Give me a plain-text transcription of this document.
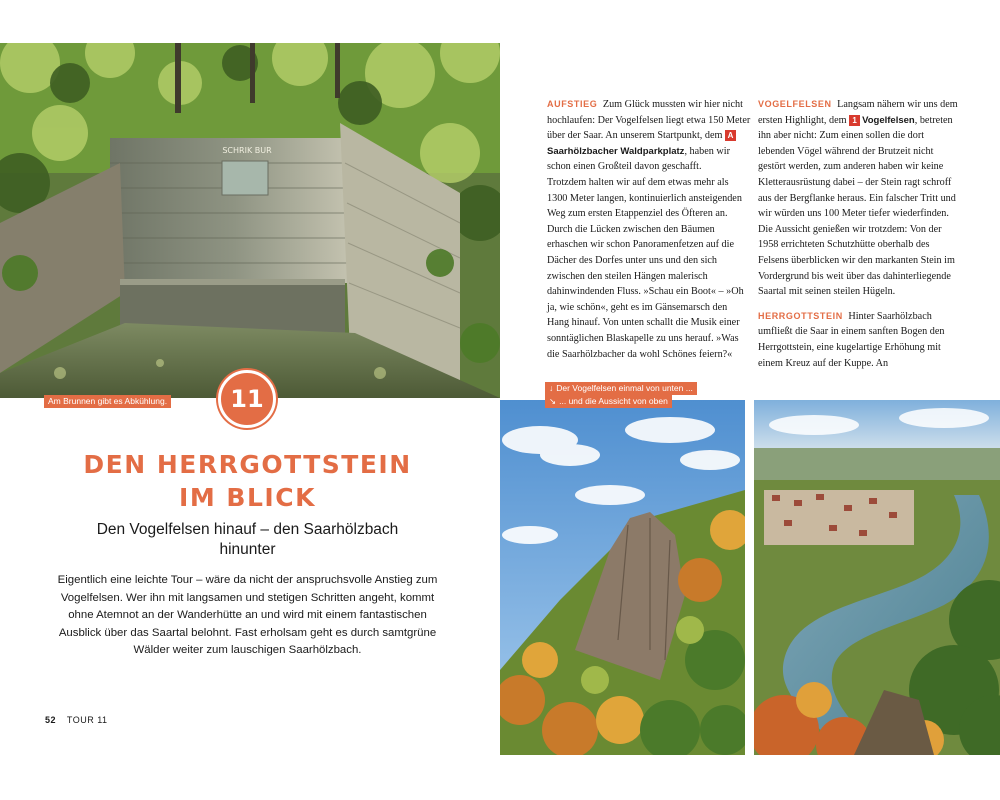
SCHRIK BUR
Am Brunnen gibt es Abkühlung.
↓ Der Vogelfelsen einmal von unten ...
↘ ... und die Aussicht von oben
11
DEN HERRGOTTSTEIN
IM BLICK
Den Vogelfelsen hinauf – den Saarhölzbach hinunter
Eigentlich eine leichte Tour – wäre da nicht der anspruchsvolle Anstieg zum Vogelfelsen. Wer ihn mit langsamen und stetigen Schritten angeht, kommt ohne Atemnot an der Wanderhütte an und wird mit einem fantastischen Ausblick über das Saartal belohnt. Fast erholsam geht es durch samtgrüne Wälder weiter zum lauschigen Saarhölzbach.
52 TOUR 11

AUFSTIEG Zum Glück mussten wir hier nicht hochlaufen: Der Vogelfelsen liegt etwa 150 Meter über der Saar. An unserem Startpunkt, dem ASaarhölzbacher Waldparkplatz, haben wir schon einen Großteil davon geschafft.

Trotzdem halten wir auf dem etwas mehr als 1300 Meter langen, kontinuierlich ansteigenden Weg zum ersten Etappenziel des Öfteren an. Durch die Lücken zwischen den Bäumen erhaschen wir schon Panoramenfetzen auf die Dächer des Dorfes unter uns und den sich zwischen den steilen Hängen malerisch dahinwindenden Fluss. »Schau ein Boot« – »Oh ja, wie schön«, geht es im Gänsemarsch den Hang hinauf. Von unten schallt die Musik einer sonntäglichen Blaskapelle zu uns herauf. »Was die Saarhölzbacher da wohl Schönes feiern?«

VOGELFELSEN Langsam nähern wir uns dem ersten Highlight, dem 1 Vogelfelsen, betreten ihn aber nicht: Zum einen sollen die dort lebenden Vögel während der Brutzeit nicht gestört werden, zum anderen haben wir keine Kletterausrüstung dabei – der Stein ragt schroff aus der Bergflanke heraus. Ein falscher Tritt und wir würden uns 100 Meter tiefer wiederfinden. Die Aussicht genießen wir trotzdem: Von der 1958 errichteten Schutzhütte oberhalb des Felsens überblicken wir den markanten Stein im Vordergrund bis weit über das dahinterliegende Saartal mit seinen steilen Hügeln.

HERRGOTTSTEIN Hinter Saarhölzbach umfließt die Saar in einem sanften Bogen den Herrgottstein, eine kugelartige Erhöhung mit einem Kreuz auf der Kuppe. An
